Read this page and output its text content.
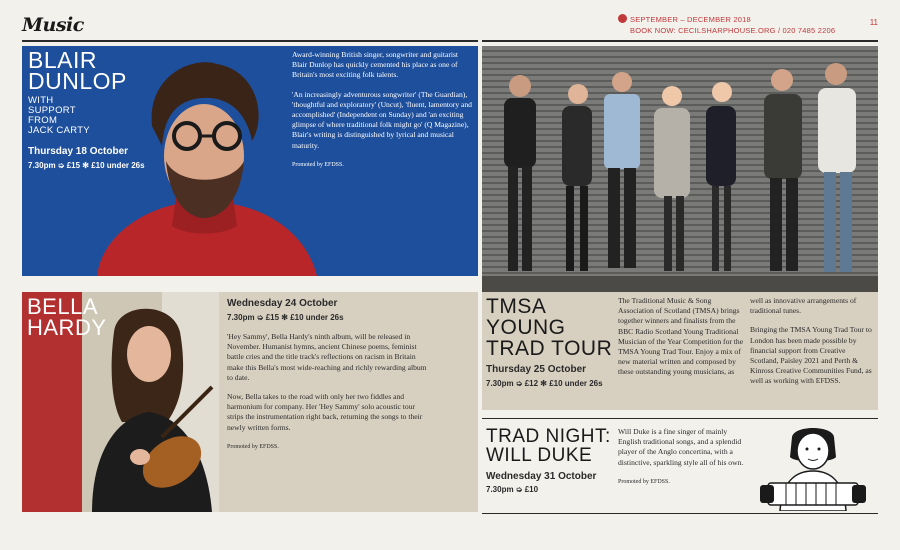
Music	SEPTEMBER – DECEMBER 2018
BOOK NOW: CECILSHARPHOUSE.ORG / 020 7485 2206
11
BLAIR
DUNLOP
WITH
SUPPORT
FROM
JACK CARTY
Thursday 18 October
7.30pm ➭ £15 ✻ £10 under 26s

Award-winning British singer, songwriter and guitarist Blair Dunlop has quickly cemented his place as one of Britain's most exciting folk talents.

'An increasingly adventurous songwriter' (The Guardian), 'thoughtful and exploratory' (Uncut), 'fluent, lamentory and accomplished' (Independent on Sunday) and 'an exciting glimpse of where traditional folk might go' (Q Magazine), Blair's writing is distinguished by lyrical and musical maturity.

Promoted by EFDSS.
BELLA
HARDY
Wednesday 24 October
7.30pm ➭ £15 ✻ £10 under 26s

'Hey Sammy', Bella Hardy's ninth album, will be released in November. Humanist hymns, ancient Chinese poems, feminist battle cries and the title track's reflections on racism in Britain make this Bella's most wide-reaching and richly rewarding album to date.

Now, Bella takes to the road with only her two fiddles and harmonium for company. Her 'Hey Sammy' solo acoustic tour strips the instrumentation right back, returning the songs to their newly written forms.

Promoted by EFDSS.
TMSA
YOUNG
TRAD TOUR
Thursday 25 October
7.30pm ➭ £12 ✻ £10 under 26s
The Traditional Music & Song Association of Scotland (TMSA) brings together winners and finalists from the BBC Radio Scotland Young Traditional Musician of the Year Competition for the TMSA Young Trad Tour. Enjoy a mix of new material written and composed by these outstanding young musicians, as

well as innovative arrangements of traditional tunes.

Bringing the TMSA Young Trad Tour to London has been made possible by financial support from Creative Scotland, Paisley 2021 and Perth & Kinross Creative Communities Fund, as well as working with EFDSS.

TRAD NIGHT:
WILL DUKE
Wednesday 31 October
7.30pm ➭ £10

Will Duke is a fine singer of mainly English traditional songs, and a splendid player of the Anglo concertina, with a distinctive, sparkling style all of his own.

Promoted by EFDSS.
